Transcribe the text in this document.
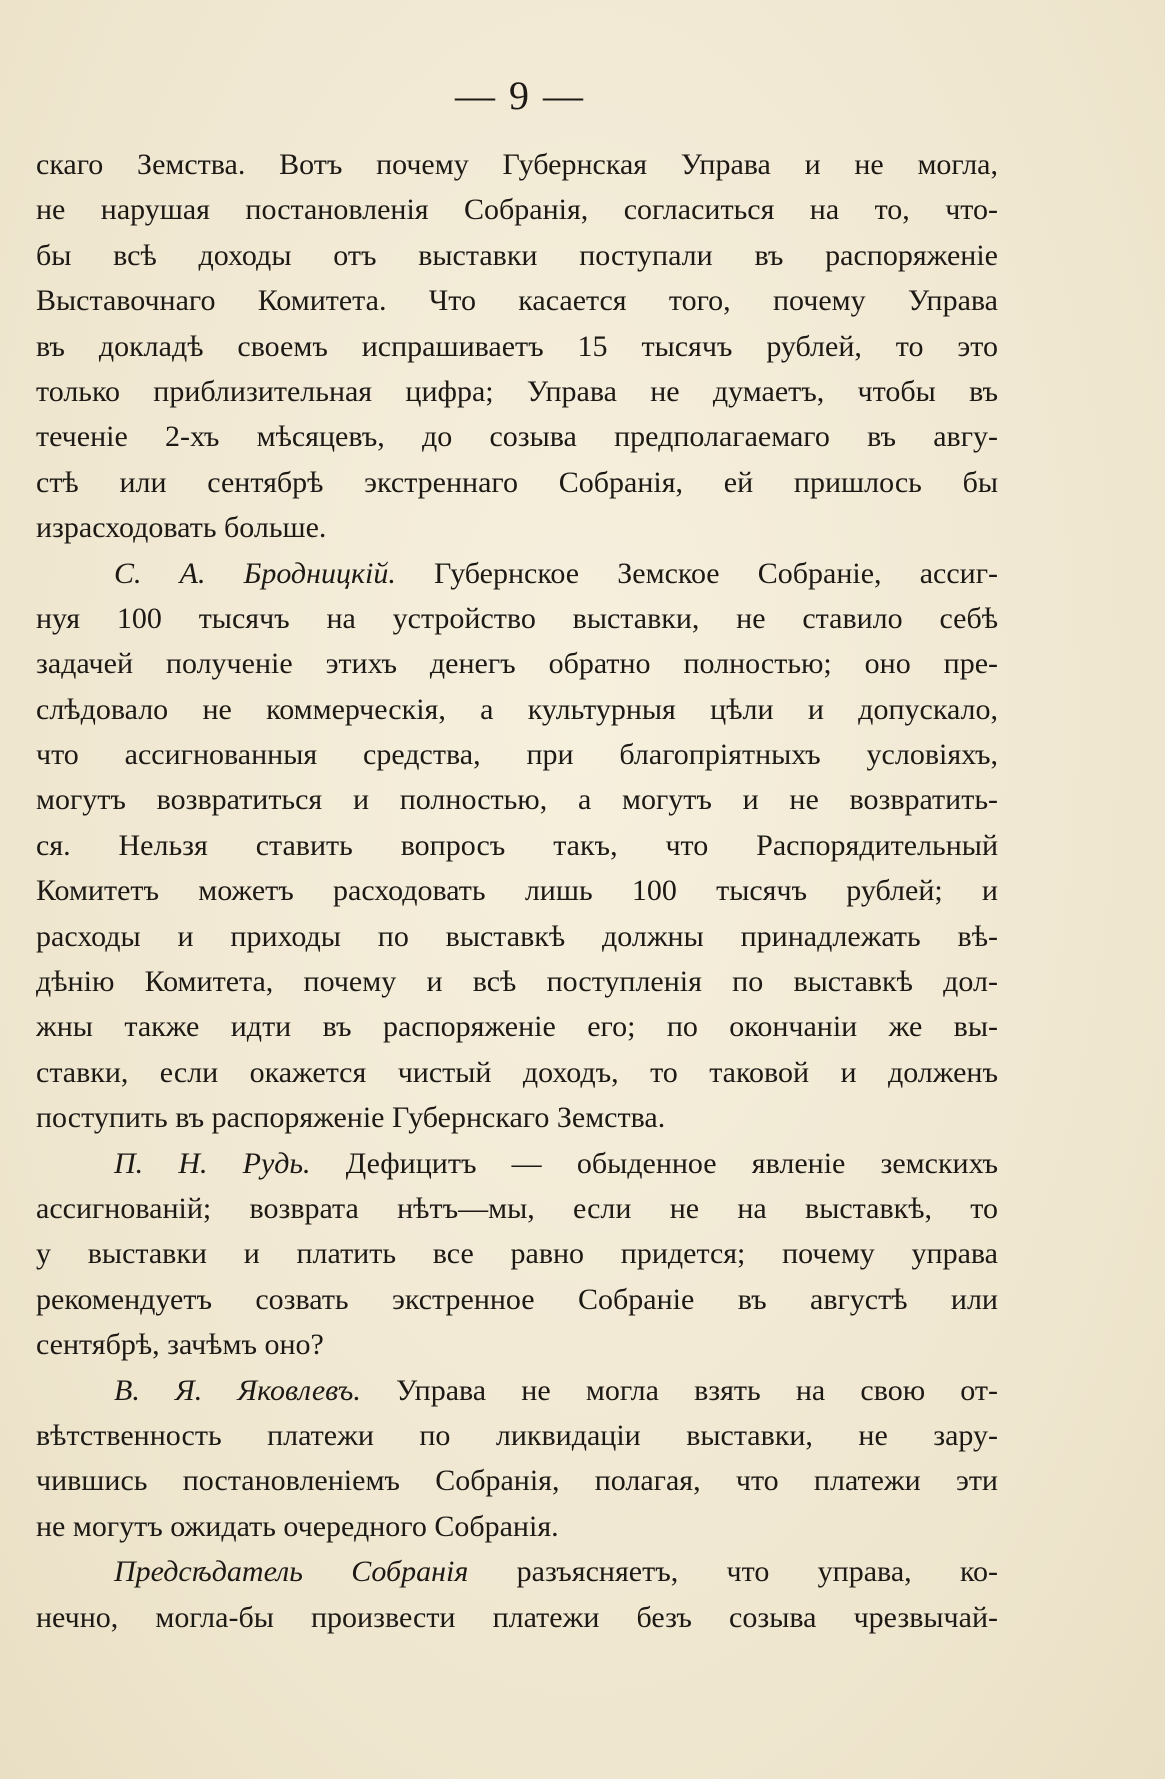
— 9 —
скаго Земства. Вотъ почему Губернская Управа и не могла,
не нарушая постановленія Собранія, согласиться на то, что-
бы всѣ доходы отъ выставки поступали въ распоряженіе
Выставочнаго Комитета. Что касается того, почему Управа
въ докладѣ своемъ испрашиваетъ 15 тысячъ рублей, то это
только приблизительная цифра; Управа не думаетъ, чтобы въ
теченіе 2-хъ мѣсяцевъ, до созыва предполагаемаго въ авгу-
стѣ или сентябрѣ экстреннаго Собранія, ей пришлось бы
израсходовать больше.
С. А. Бродницкій. Губернское Земское Собраніе, ассиг-
нуя 100 тысячъ на устройство выставки, не ставило себѣ
задачей полученіе этихъ денегъ обратно полностью; оно пре-
слѣдовало не коммерческія, а культурныя цѣли и допускало,
что ассигнованныя средства, при благопріятныхъ условіяхъ,
могутъ возвратиться и полностью, а могутъ и не возвратить-
ся. Нельзя ставить вопросъ такъ, что Распорядительный
Комитетъ можетъ расходовать лишь 100 тысячъ рублей; и
расходы и приходы по выставкѣ должны принадлежать вѣ-
дѣнію Комитета, почему и всѣ поступленія по выставкѣ дол-
жны также идти въ распоряженіе его; по окончаніи же вы-
ставки, если окажется чистый доходъ, то таковой и долженъ
поступить въ распоряженіе Губернскаго Земства.
П. Н. Рудь. Дефицитъ — обыденное явленіе земскихъ
ассигнованій; возврата нѣтъ—мы, если не на выставкѣ, то
у выставки и платить все равно придется; почему управа
рекомендуетъ созвать экстренное Собраніе въ августѣ или
сентябрѣ, зачѣмъ оно?
В. Я. Яковлевъ. Управа не могла взять на свою от-
вѣтственность платежи по ликвидаціи выставки, не зару-
чившись постановленіемъ Собранія, полагая, что платежи эти
не могутъ ожидать очередного Собранія.
Предсѣдатель Собранія разъясняетъ, что управа, ко-
нечно, могла-бы произвести платежи безъ созыва чрезвычай-
